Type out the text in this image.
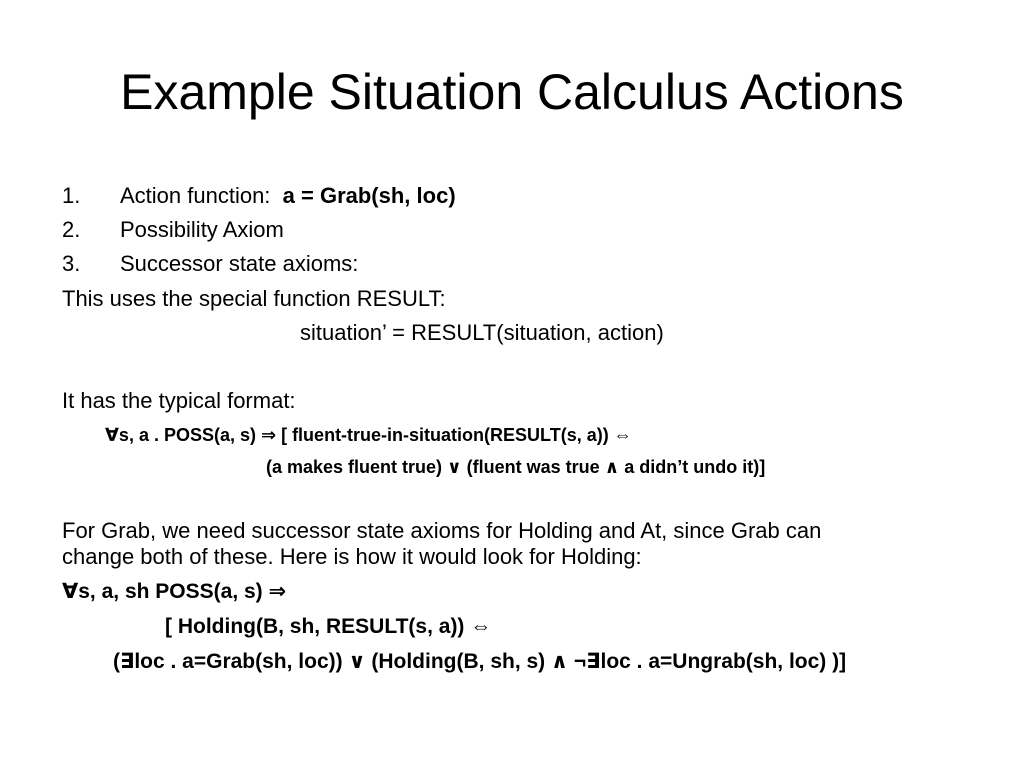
Example Situation Calculus Actions
1. Action function:  a = Grab(sh, loc)
2. Possibility Axiom
3. Successor state axioms:
This uses the special function RESULT:
situation’ = RESULT(situation, action)
It has the typical format:
∀s, a . POSS(a, s) ⇒ [ fluent-true-in-situation(RESULT(s, a)) ⇔
(a makes fluent true) ∨ (fluent was true ∧ a didn’t undo it)]
For Grab, we need successor state axioms for Holding and At, since Grab can
change both of these. Here is how it would look for Holding:
∀s, a, sh POSS(a, s) ⇒
[ Holding(B, sh, RESULT(s, a)) ⇔
(∃loc . a=Grab(sh, loc)) ∨ (Holding(B, sh, s) ∧ ¬∃loc . a=Ungrab(sh, loc) )]
